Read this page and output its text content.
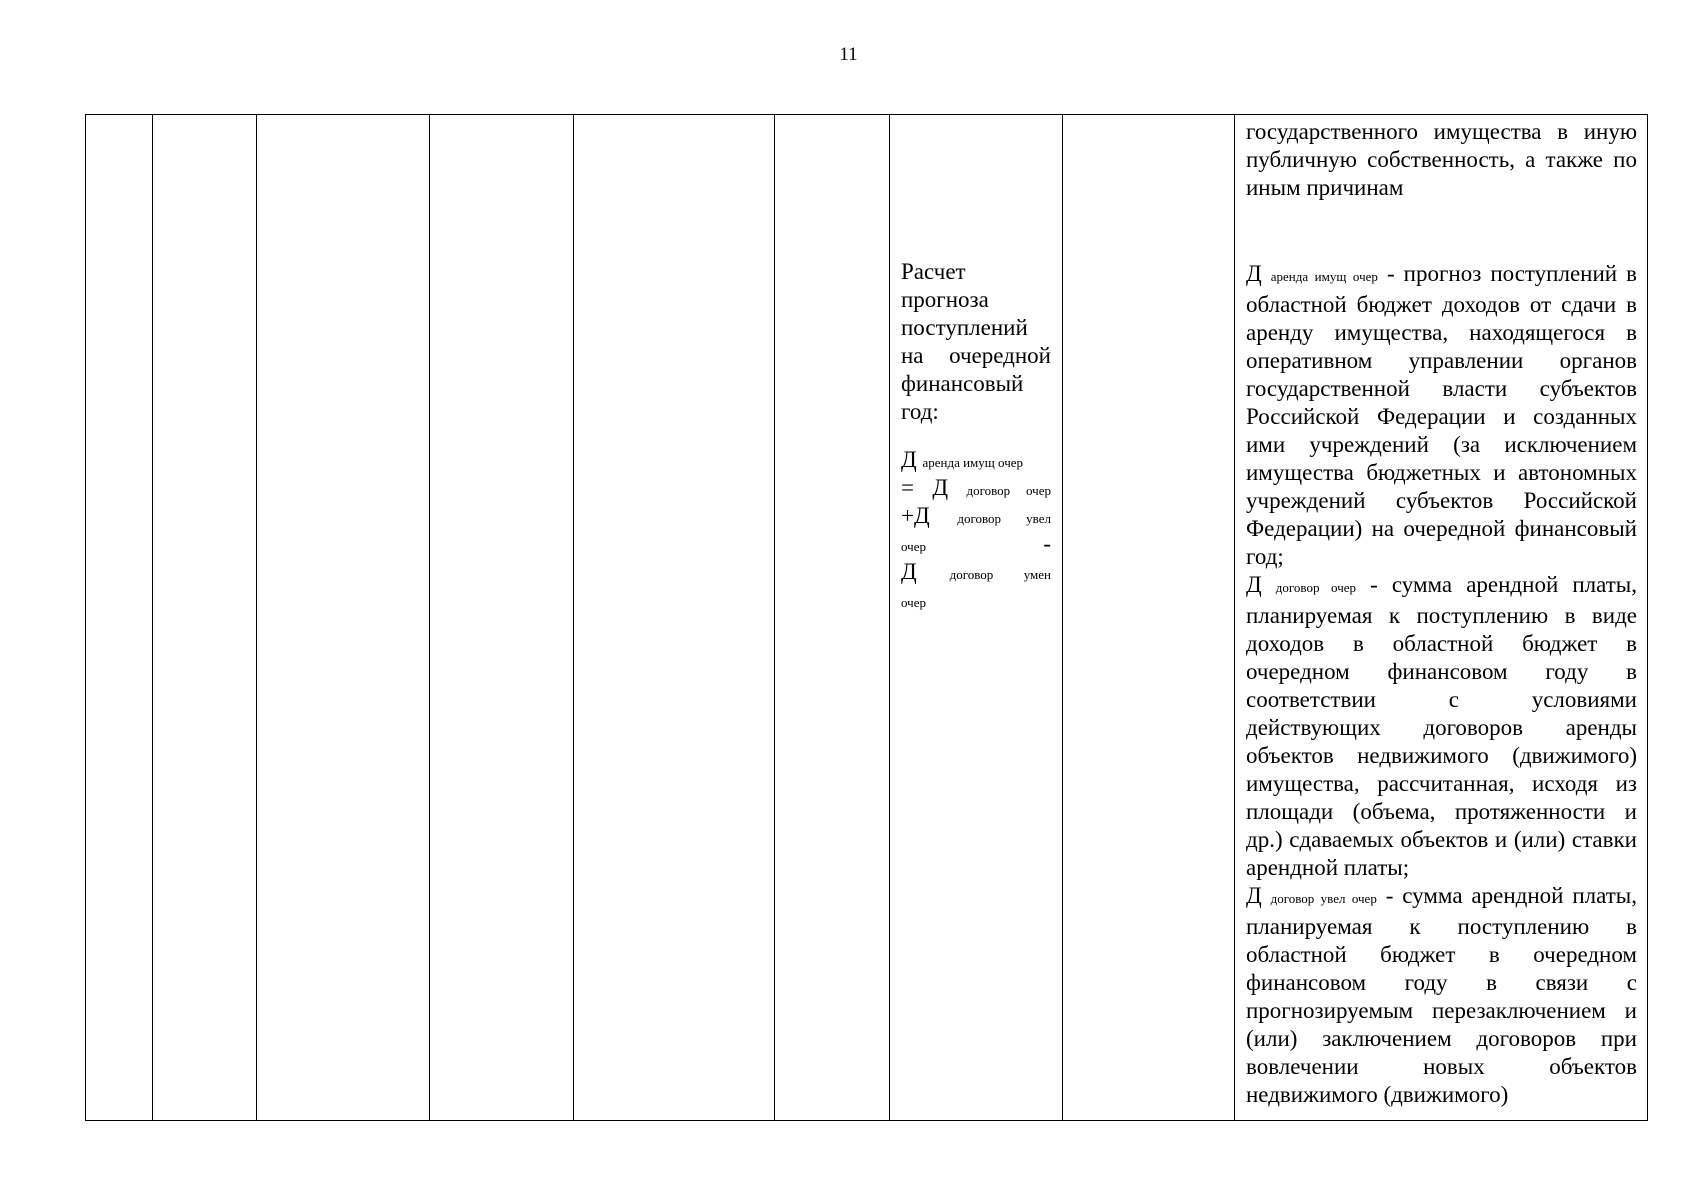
11

Расчет прогноза поступлений на очередной финансовый год:

Д аренда имущ очер
= Д договор очер
+Д договор увел
очер -
Д договор умен
очер

государственного имущества в иную публичную собственность, а также по иным причинам

Д аренда имущ очер - прогноз поступлений в областной бюджет доходов от сдачи в аренду имущества, находящегося в оперативном управлении органов государственной власти субъектов Российской Федерации и созданных ими учреждений (за исключением имущества бюджетных и автономных учреждений субъектов Российской Федерации) на очередной финансовый год;

Д договор очер - сумма арендной платы, планируемая к поступлению в виде доходов в областной бюджет в очередном финансовом году в соответствии с условиями действующих договоров аренды объектов недвижимого (движимого) имущества, рассчитанная, исходя из площади (объема, протяженности и др.) сдаваемых объектов и (или) ставки арендной платы;

Д договор увел очер - сумма арендной платы, планируемая к поступлению в областной бюджет в очередном финансовом году в связи с прогнозируемым перезаключением и (или) заключением договоров при вовлечении новых объектов недвижимого (движимого)
